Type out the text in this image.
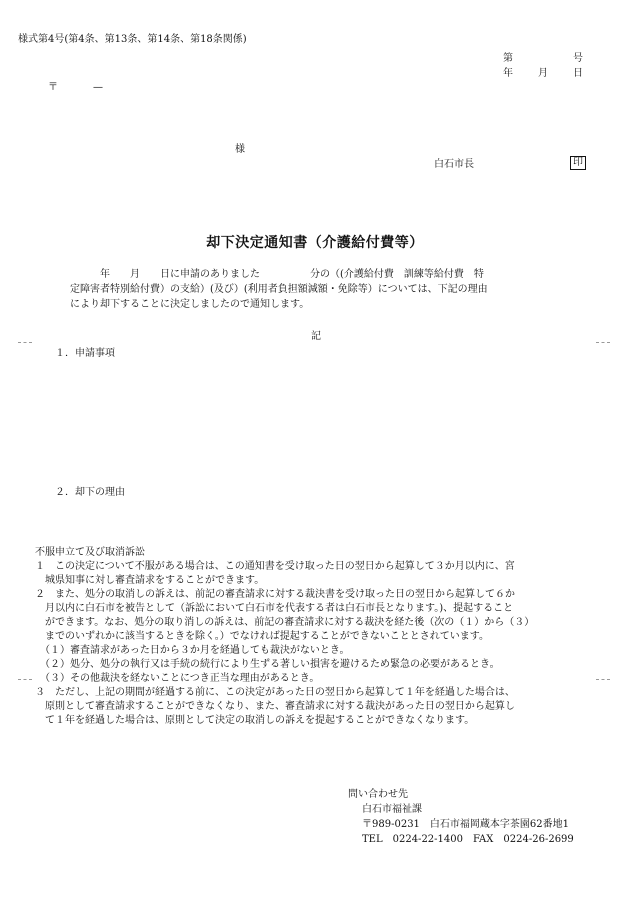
様式第4号(第4条、第13条、第14条、第18条関係)
第	号
年	月	日
〒	—
様
白石市長	印
却下決定通知書（介護給付費等）
　　　年　　月　　日に申請のありました　　　　　分の（(介護給付費　訓練等給付費　特
定障害者特別給付費）の支給）(及び）(利用者負担額減額・免除等）については、下記の理由
により却下することに決定しましたので通知します。
記
１．申請事項
２．却下の理由
不服申立て及び取消訴訟
１　この決定について不服がある場合は、この通知書を受け取った日の翌日から起算して３か月以内に、宮
　城県知事に対し審査請求をすることができます。
２　また、処分の取消しの訴えは、前記の審査請求に対する裁決書を受け取った日の翌日から起算して６か
　月以内に白石市を被告として（訴訟において白石市を代表する者は白石市長となります。)、提起すること
　ができます。なお、処分の取り消しの訴えは、前記の審査請求に対する裁決を経た後（次の（１）から（３）
　までのいずれかに該当するときを除く。）でなければ提起することができないこととされています。
　（１）審査請求があった日から３か月を経過しても裁決がないとき。
　（２）処分、処分の執行又は手続の続行により生ずる著しい損害を避けるため緊急の必要があるとき。
　（３）その他裁決を経ないことにつき正当な理由があるとき。
３　ただし、上記の期間が経過する前に、この決定があった日の翌日から起算して１年を経過した場合は、
　原則として審査請求することができなくなり、また、審査請求に対する裁決があった日の翌日から起算し
　て１年を経過した場合は、原則として決定の取消しの訴えを提起することができなくなります。
問い合わせ先
白石市福祉課
〒989-0231　白石市福岡蔵本字茶園62番地1
TEL　0224-22-1400　FAX　0224-26-2699
